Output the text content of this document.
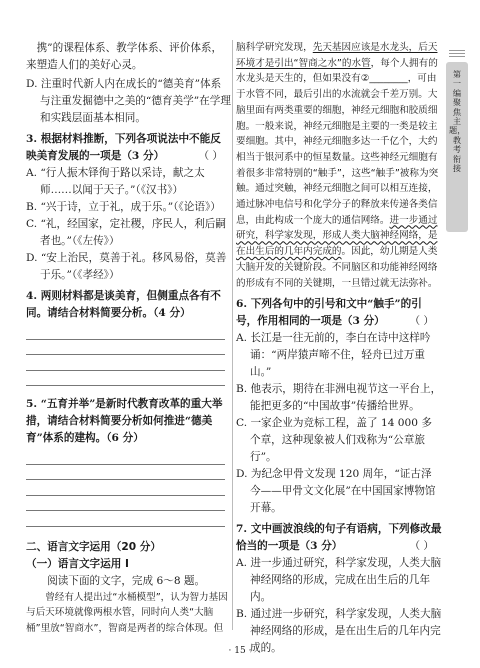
携”的课程体系、教学体系、评价体系，来塑造人们的美好心灵。

D. 注重时代新人内在成长的“德美育”体系与注重发掘德中之美的“德育美学”在学理和实践层面基本相同。

3. 根据材料推断，下列各项说法中不能反映美育发展的一项是（3 分）	（ ）

A. “行人振木铎徇于路以采诗，献之太师……以闻于天子。”（《汉书》）

B. “兴于诗，立于礼，成于乐。”（《论语》）

C. “礼，经国家，定社稷，序民人，利后嗣者也。”（《左传》）

D. “安上治民，莫善于礼。移风易俗，莫善于乐。”（《孝经》）

4. 两则材料都是谈美育，但侧重点各有不同。请结合材料简要分析。（4 分）

5. “五育并举”是新时代教育改革的重大举措，请结合材料简要分析如何推进“德美育”体系的建构。（6 分）

二、语言文字运用（20 分）

（一）语言文字运用 Ⅰ

阅读下面的文字，完成 6～8 题。

曾经有人提出过“水桶模型”，认为智力基因与后天环境就像两根水管，同时向人类“大脑桶”里放“智商水”，智商是两者的综合体现。但

脑科学研究发现，先天基因应该是水龙头，后天环境才是引出“智商之水”的水管，每个人拥有的水龙头是天生的，但如果没有②________，可由于水管不同，最后引出的水流就会千差万别。大脑里面有两类重要的细胞，神经元细胞和胶质细胞。一般来说，神经元细胞是主要的一类是较主要细胞。其中，神经元细胞多达一千亿个，大约相当于银河系中的恒星数量。这些神经元细胞有着很多非常特别的“触手”，这些“触手”被称为突触。通过突触，神经元细胞之间可以相互连接，通过脉冲电信号和化学分子的释放来传递各类信息，由此构成一个庞大的通信网络。进一步通过研究，科学家发现，形成人类大脑神经网络，是在出生后的几年内完成的。因此，幼儿期是人类大脑开发的关键阶段。不同脑区和功能神经网络的形成有不同的关键期，一旦错过就无法弥补。

6. 下列各句中的引号和文中“触手”的引号，作用相同的一项是（3 分） （ ）

A. 长江是一往无前的，李白在诗中这样吟诵：“两岸猿声啼不住，轻舟已过万重山。”

B. 他表示，期待在非洲电视节这一平台上，能把更多的“中国故事”传播给世界。

C. 一家企业为竞标工程，盖了 14 000 多个章，这种现象被人们戏称为“公章旅行”。

D. 为纪念甲骨文发现 120 周年，“证古泽今——甲骨文文化展”在中国国家博物馆开幕。

7. 文中画波浪线的句子有语病，下列修改最恰当的一项是（3 分）	（ ）

A. 进一步通过研究，科学家发现，人类大脑神经网络的形成，完成在出生后的几年内。

B. 通过进一步研究，科学家发现，人类大脑神经网络的形成，是在出生后的几年内完成的。

第一编 聚焦主题，教考衔接
· 15 ·
